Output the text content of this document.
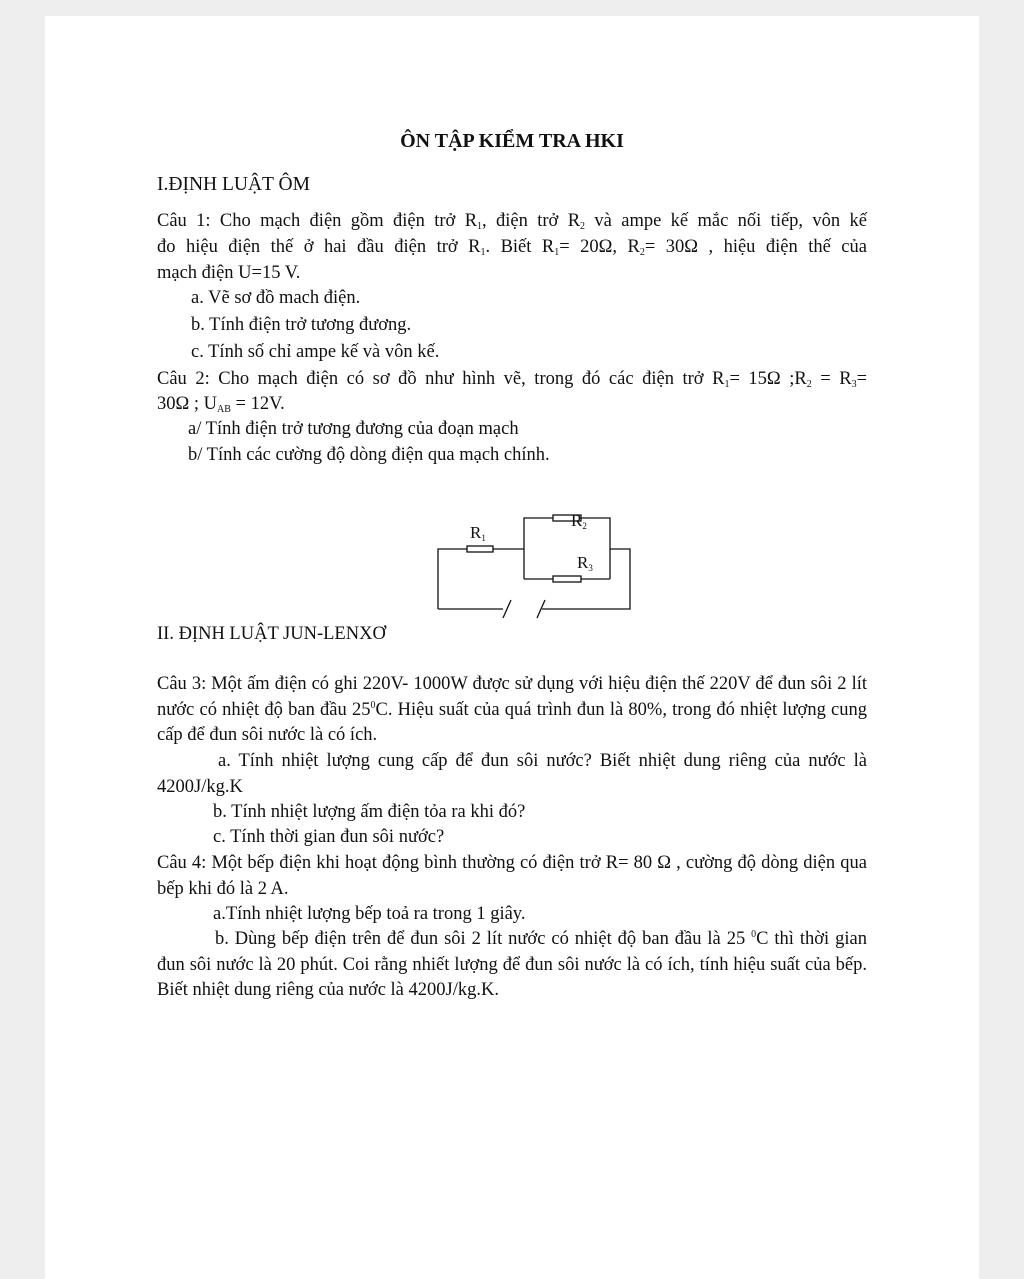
ÔN TẬP KIỂM TRA HKI
I.ĐỊNH LUẬT ÔM
Câu 1: Cho mạch điện gồm điện trở $R_1$, điện trở $R_2$ và ampe kế mắc nối tiếp, vôn kế
đo hiệu điện thế ở hai đầu điện trở $R_1$. Biết $R_1= 20\Omega$, $R_2= 30\Omega$ , hiệu điện thế của
mạch điện U=15 V.
a. Vẽ sơ đồ mach điện.
b. Tính điện trở tương đương.
c. Tính số chỉ ampe kế và vôn kế.
Câu 2: Cho mạch điện có sơ đồ như hình vẽ, trong đó các điện trở $R_1= 15\Omega$ $;R_2 = R_3=$
30Ω ; $U_{AB} = 12V$.
a/ Tính điện trở tương đương của đoạn mạch
b/ Tính các cường độ dòng điện qua mạch chính.
II. ĐỊNH LUẬT JUN-LENXƠ
Câu 3: Một ấm điện có ghi 220V- 1000W được sử dụng với hiệu điện thế 220V để đun sôi 2 lít nước có nhiệt độ ban đầu $25^0C$. Hiệu suất của quá trình đun là 80%, trong đó nhiệt lượng cung cấp để đun sôi nước là có ích.
a. Tính nhiệt lượng cung cấp để đun sôi nước? Biết nhiệt dung riêng của nước là 4200J/kg.K
b. Tính nhiệt lượng ấm điện tỏa ra khi đó?
c. Tính thời gian đun sôi nước?
Câu 4: Một bếp điện khi hoạt động bình thường có điện trở R= 80 Ω , cường độ dòng diện qua bếp khi đó là 2 A.
a.Tính nhiệt lượng bếp toả ra trong 1 giây.
b. Dùng bếp điện trên để đun sôi 2 lít nước có nhiệt độ ban đầu là 25 $^0$C thì thời gian đun sôi nước là 20 phút. Coi rằng nhiết lượng để đun sôi nước là có ích, tính hiệu suất của bếp. Biết nhiệt dung riêng của nước là 4200J/kg.K.
R1
R2
R3
